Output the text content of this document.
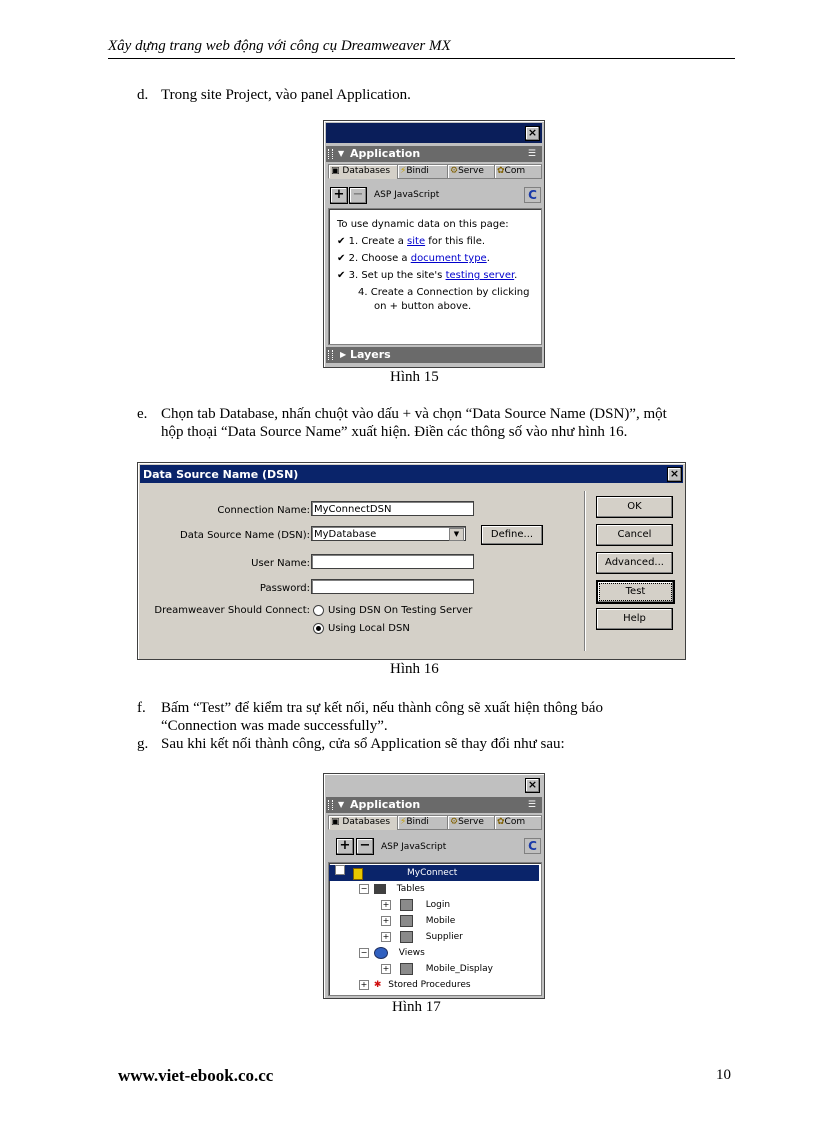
Xây dựng trang web động với công cụ Dreamweaver MX
d. Trong site Project, vào panel Application.
×
▼ Application	☰
▣ Databases	⚡Bindi	⚙Serve	✿Com
+ −	ASP JavaScript	C
To use dynamic data on this page:
✔ 1. Create a site for this file.
✔ 2. Choose a document type.
✔ 3. Set up the site's testing server.
4. Create a Connection by clicking
on + button above.
▶ Layers
Hình 15
e. Chọn tab Database, nhấn chuột vào dấu + và chọn “Data Source Name (DSN)”, một
hộp thoại “Data Source Name” xuất hiện. Điền các thông số vào như hình 16.
Data Source Name (DSN)	×
Connection Name: MyConnectDSN
Data Source Name (DSN): MyDatabase	▼	Define...
User Name:
Password:
Dreamweaver Should Connect: Using DSN On Testing Server
Using Local DSN
OK
Cancel
Advanced...
Test
Help
Hình 16
f. Bấm “Test” để kiểm tra sự kết nối, nếu thành công sẽ xuất hiện thông báo
“Connection was made successfully”.
g. Sau khi kết nối thành công, cửa sổ Application sẽ thay đổi như sau:
×
▼ Application	☰
▣ Databases	⚡Bindi	⚙Serve	✿Com
+ −	ASP JavaScript	C
−	MyConnect
−	Tables
+	Login
+	Mobile
+	Supplier
−	Views
+	Mobile_Display
+ ✱ Stored Procedures
Hình 17
www.viet-ebook.co.cc	10
